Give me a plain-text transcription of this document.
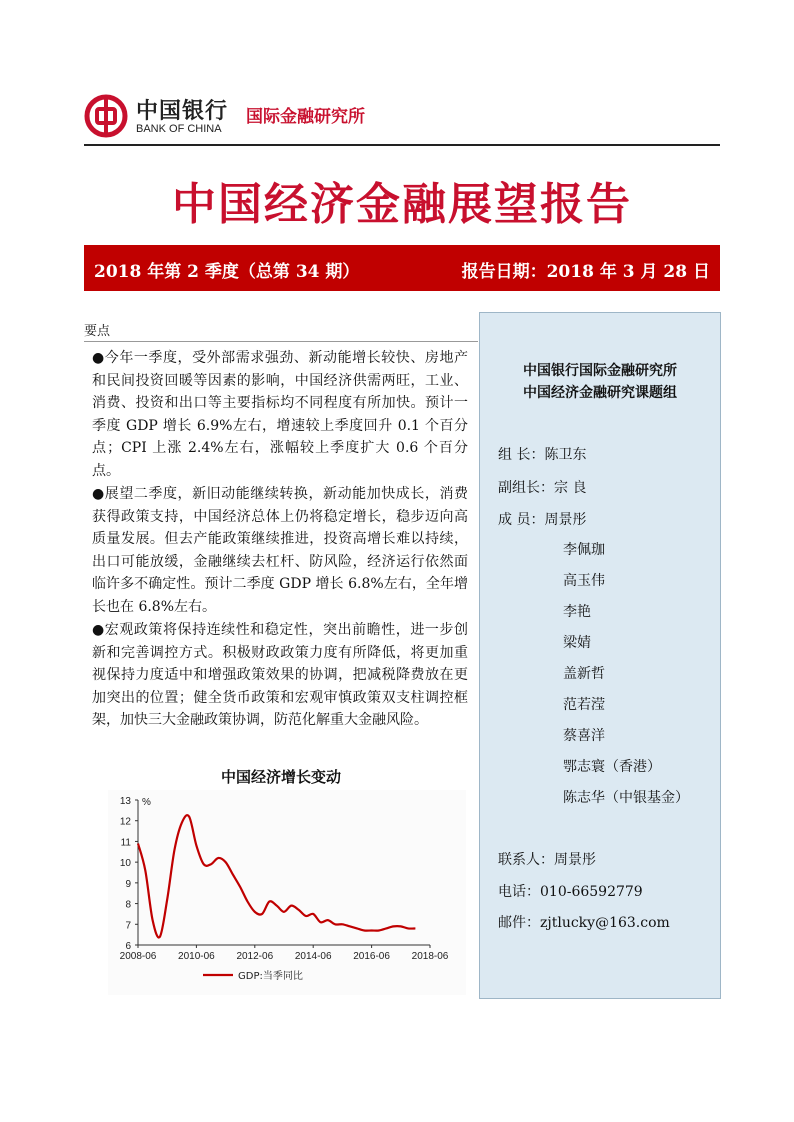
中国银行
BANK OF CHINA
国际金融研究所
中国经济金融展望报告
2018 年第 2 季度（总第 34 期）	报告日期：2018 年 3 月 28 日
要点

●今年一季度，受外部需求强劲、新动能增长较快、房地产和民间投资回暖等因素的影响，中国经济供需两旺，工业、消费、投资和出口等主要指标均不同程度有所加快。预计一季度 GDP 增长 6.9%左右，增速较上季度回升 0.1 个百分点；CPI 上涨 2.4%左右，涨幅较上季度扩大 0.6 个百分点。

●展望二季度，新旧动能继续转换，新动能加快成长，消费获得政策支持，中国经济总体上仍将稳定增长，稳步迈向高质量发展。但去产能政策继续推进，投资高增长难以持续，出口可能放缓，金融继续去杠杆、防风险，经济运行依然面临许多不确定性。预计二季度 GDP 增长 6.8%左右，全年增长也在 6.8%左右。

●宏观政策将保持连续性和稳定性，突出前瞻性，进一步创新和完善调控方式。积极财政政策力度有所降低，将更加重视保持力度适中和增强政策效果的协调，把减税降费放在更加突出的位置；健全货币政策和宏观审慎政策双支柱调控框架，加快三大金融政策协调，防范化解重大金融风险。

中国经济增长变动
6
7
8
9
10
11
12
13 %
2008-06 2010-06 2012-06 2014-06 2016-06 2018-06
GDP:当季同比
中国银行国际金融研究所
中国经济金融研究课题组
组 长：陈卫东
副组长：宗 良
成 员：周景彤
李佩珈
高玉伟
李艳
梁婧
盖新哲
范若滢
蔡喜洋
鄂志寰（香港）
陈志华（中银基金）
联系人：周景彤
电话：010-66592779
邮件：zjtlucky@163.com
